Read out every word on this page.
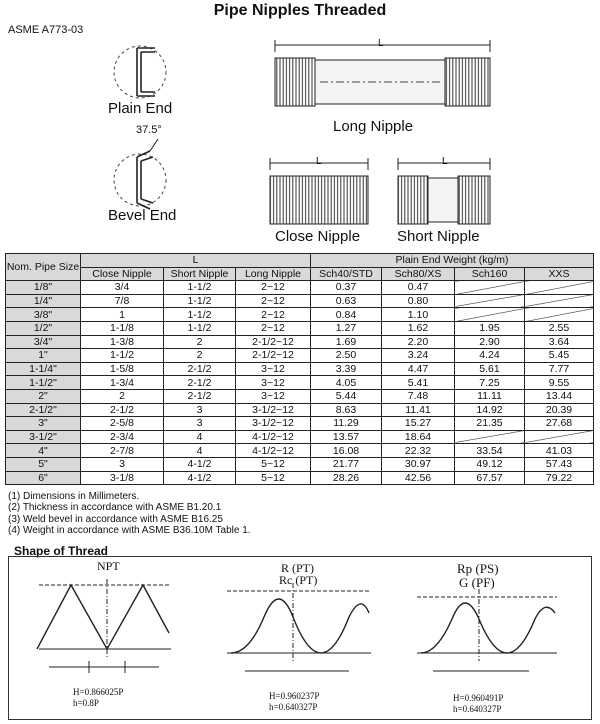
Pipe Nipples Threaded
ASME A773-03
Plain End
37.5°
Bevel End
Long Nipple
L
Close Nipple
L
Short Nipple
L
Nom. Pipe Size	L			Plain End Weight (kg/m)			
	Close Nipple	Short Nipple	Long Nipple	Sch40/STD	Sch80/XS	Sch160	XXS
1/8"	3/4	1-1/2	2~12	0.37	0.47		
1/4"	7/8	1-1/2	2~12	0.63	0.80		
3/8"	1	1-1/2	2~12	0.84	1.10		
1/2"	1-1/8	1-1/2	2~12	1.27	1.62	1.95	2.55
3/4"	1-3/8	2	2-1/2~12	1.69	2.20	2.90	3.64
1"	1-1/2	2	2-1/2~12	2.50	3.24	4.24	5.45
1-1/4"	1-5/8	2-1/2	3~12	3.39	4.47	5.61	7.77
1-1/2"	1-3/4	2-1/2	3~12	4.05	5.41	7.25	9.55
2"	2	2-1/2	3~12	5.44	7.48	11.11	13.44
2-1/2"	2-1/2	3	3-1/2~12	8.63	11.41	14.92	20.39
3"	2-5/8	3	3-1/2~12	11.29	15.27	21.35	27.68
3-1/2"	2-3/4	4	4-1/2~12	13.57	18.64		
4"	2-7/8	4	4-1/2~12	16.08	22.32	33.54	41.03
5"	3	4-1/2	5~12	21.77	30.97	49.12	57.43
6"	3-1/8	4-1/2	5~12	28.26	42.56	67.57	79.22
(1) Dimensions in Millimeters.
(2) Thickness in accordance with ASME B1.20.1
(3) Weld bevel in accordance with ASME B16.25
(4) Weight in accordance with ASME B36.10M Table 1.
Shape of Thread
NPT
H=0.866025P
h=0.8P
R (PT)
Rc (PT)
H=0.960237P
h=0.640327P
Rp (PS)
G (PF)
H=0.960491P
h=0.640327P
